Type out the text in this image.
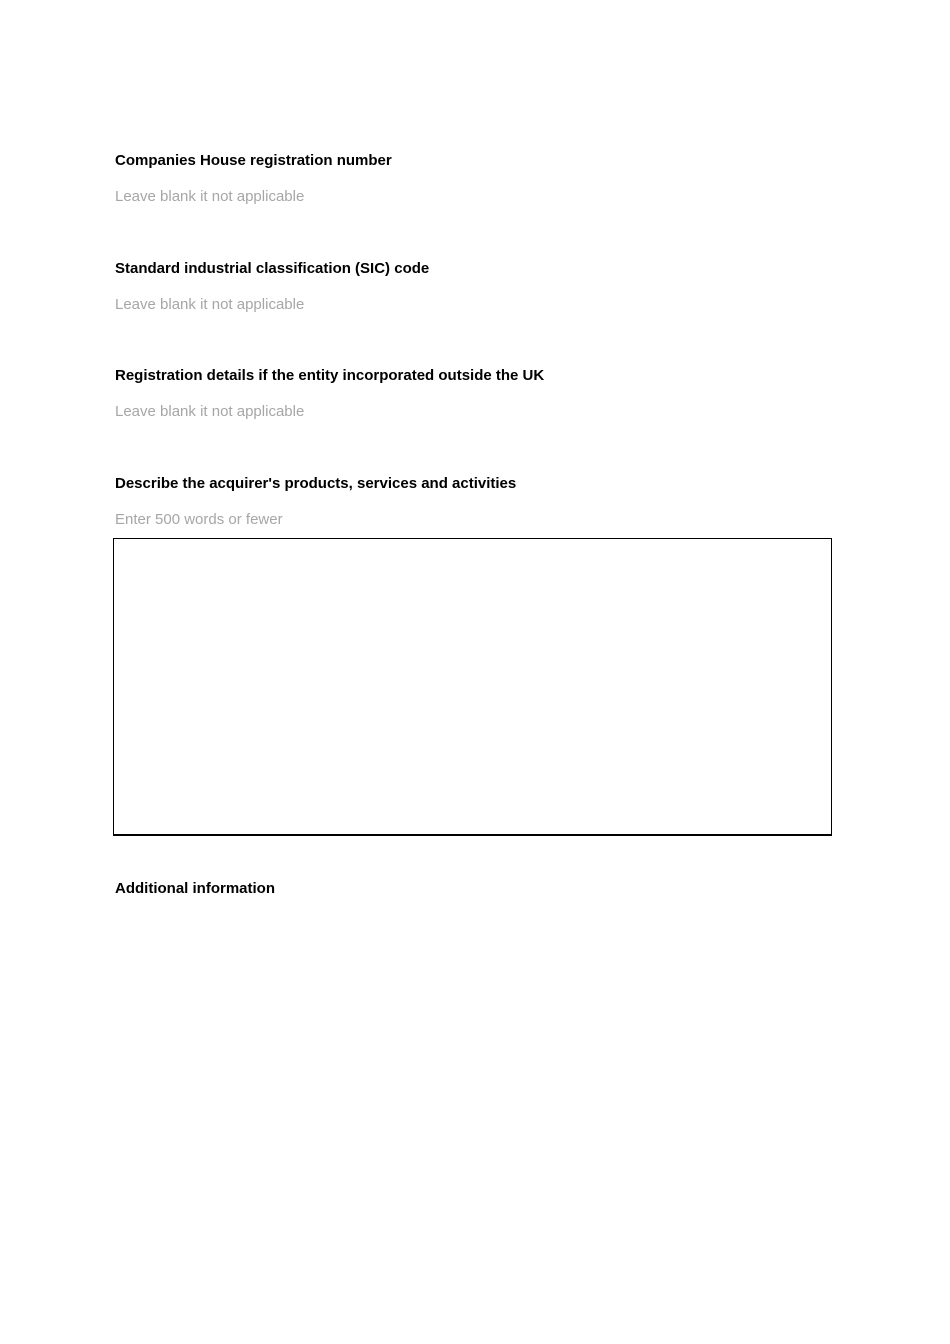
Companies House registration number
Leave blank it not applicable
Standard industrial classification (SIC) code
Leave blank it not applicable
Registration details if the entity incorporated outside the UK
Leave blank it not applicable
Describe the acquirer's products, services and activities
Enter 500 words or fewer
Additional information
